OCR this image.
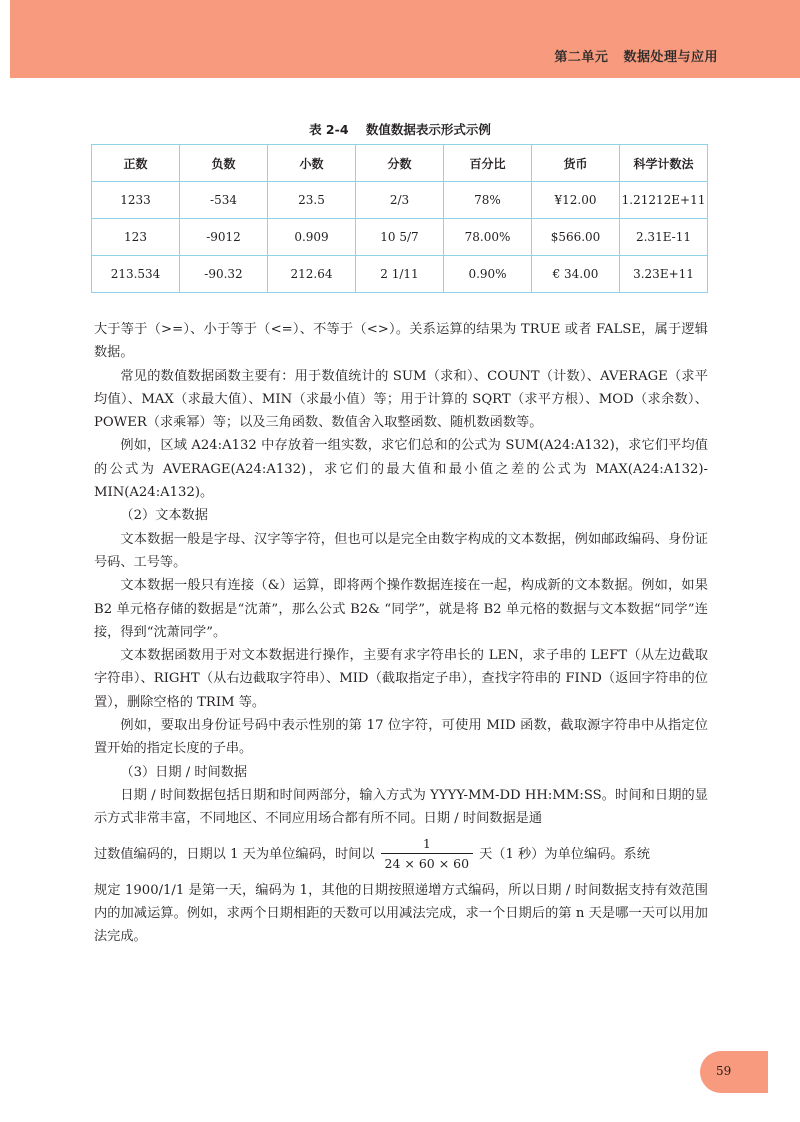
第二单元   数据处理与应用
表 2-4    数值数据表示形式示例
正数	负数	小数	分数	百分比	货币	科学计数法
1233	-534	23.5	2/3	78%	¥12.00	1.21212E+11
123	-9012	0.909	10 5/7	78.00%	$566.00	2.31E-11
213.534	-90.32	212.64	2 1/11	0.90%	€ 34.00	3.23E+11

大于等于（>=）、小于等于（<=）、不等于（<>）。关系运算的结果为 TRUE 或者 FALSE，属于逻辑数据。

常见的数值数据函数主要有：用于数值统计的 SUM（求和）、COUNT（计数）、AVERAGE（求平均值）、MAX（求最大值）、MIN（求最小值）等；用于计算的 SQRT（求平方根）、MOD（求余数）、POWER（求乘幂）等；以及三角函数、数值舍入取整函数、随机数函数等。

例如，区域 A24:A132 中存放着一组实数，求它们总和的公式为 SUM(A24:A132)，求它们平均值的公式为 AVERAGE(A24:A132)，求它们的最大值和最小值之差的公式为 MAX(A24:A132)-MIN(A24:A132)。

（2）文本数据

文本数据一般是字母、汉字等字符，但也可以是完全由数字构成的文本数据，例如邮政编码、身份证号码、工号等。

文本数据一般只有连接（&）运算，即将两个操作数据连接在一起，构成新的文本数据。例如，如果 B2 单元格存储的数据是“沈萧”，那么公式 B2& “同学”，就是将 B2 单元格的数据与文本数据“同学”连接，得到“沈萧同学”。

文本数据函数用于对文本数据进行操作，主要有求字符串长的 LEN，求子串的 LEFT（从左边截取字符串）、RIGHT（从右边截取字符串）、MID（截取指定子串），查找字符串的 FIND（返回字符串的位置），删除空格的 TRIM 等。

例如，要取出身份证号码中表示性别的第 17 位字符，可使用 MID 函数，截取源字符串中从指定位置开始的指定长度的子串。

（3）日期 / 时间数据

日期 / 时间数据包括日期和时间两部分，输入方式为 YYYY-MM-DD HH:MM:SS。时间和日期的显示方式非常丰富，不同地区、不同应用场合都有所不同。日期 / 时间数据是通

过数值编码的，日期以 1 天为单位编码，时间以 $\frac{1}{24 \times 60 \times 60}$ 天（1 秒）为单位编码。系统

规定 1900/1/1 是第一天，编码为 1，其他的日期按照递增方式编码，所以日期 / 时间数据支持有效范围内的加减运算。例如，求两个日期相距的天数可以用减法完成，求一个日期后的第 n 天是哪一天可以用加法完成。

59
